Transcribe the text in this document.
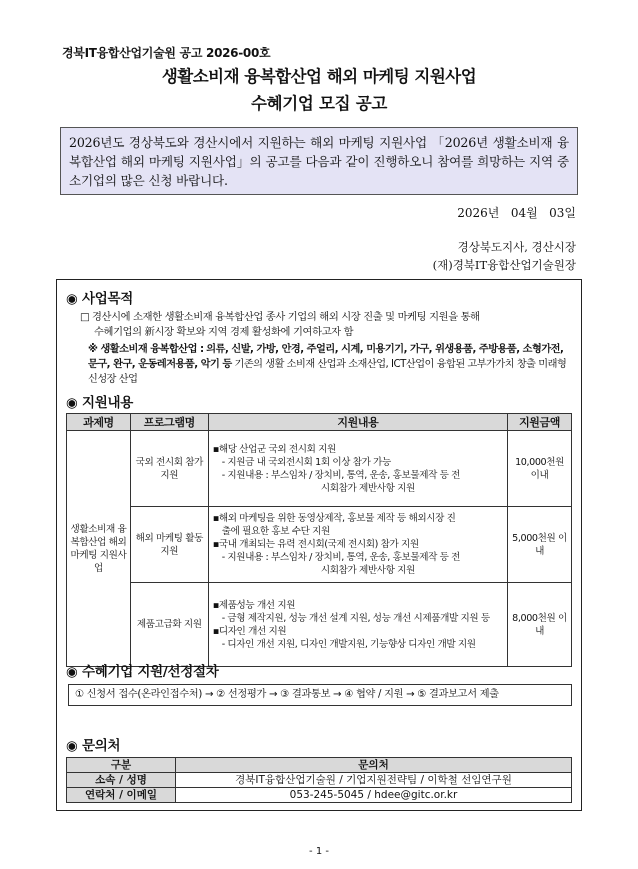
경북IT융합산업기술원 공고 2026-00호
생활소비재 융복합산업 해외 마케팅 지원사업
수혜기업 모집 공고
2026년도 경상북도와 경산시에서 지원하는 해외 마케팅 지원사업 「2026년 생활소비재 융복합산업 해외 마케팅 지원사업」의 공고를 다음과 같이 진행하오니 참여를 희망하는 지역 중소기업의 많은 신청 바랍니다.
2026년   04월   03일
경상북도지사, 경산시장
(재)경북IT융합산업기술원장
◉ 사업목적
□ 경산시에 소재한 생활소비재 융복합산업 종사 기업의 해외 시장 진출 및 마케팅 지원을 통해
수혜기업의 新시장 확보와 지역 경제 활성화에 기여하고자 함
※ 생활소비재 융복합산업 : 의류, 신발, 가방, 안경, 주얼리, 시계, 미용기기, 가구, 위생용품, 주방용품, 소형가전, 문구, 완구, 운동레저용품, 악기 등 기존의 생활 소비재 산업과 소재산업, ICT산업이 융합된 고부가가치 창출 미래형 신성장 산업
◉ 지원내용
과제명	프로그램명	지원내용	지원금액
생활소비재 융복합산업 해외마케팅 지원사업	국외 전시회 참가지원	▪해당 산업군 국외 전시회 지원
- 지원금 내 국외전시회 1회 이상 참가 가능
- 지원내용 : 부스임차 / 장치비, 통역, 운송, 홍보물제작 등 전
시회참가 제반사항 지원	10,000천원 이내
	해외 마케팅 활동 지원	▪해외 마케팅을 위한 동영상제작, 홍보물 제작 등 해외시장 진
출에 필요한 홍보 수단 지원
▪국내 개최되는 유력 전시회(국제 전시회) 참가 지원
- 지원내용 : 부스임차 / 장치비, 통역, 운송, 홍보물제작 등 전
시회참가 제반사항 지원	5,000천원 이내
	제품고급화 지원	▪제품성능 개선 지원
- 금형 제작지원, 성능 개선 설계 지원, 성능 개선 시제품개발 지원 등
▪디자인 개선 지원
- 디자인 개선 지원, 디자인 개발지원, 기능향상 디자인 개발 지원	8,000천원 이내
◉ 수혜기업 지원/선정절차
① 신청서 접수(온라인접수처) → ② 선정평가 → ③ 결과통보 → ④ 협약 / 지원 → ⑤ 결과보고서 제출
◉ 문의처
구분	문의처
소속 / 성명	경북IT융합산업기술원 / 기업지원전략팀 / 이학철 선임연구원
연락처 / 이메일	053-245-5045 / hdee@gitc.or.kr
- 1 -
